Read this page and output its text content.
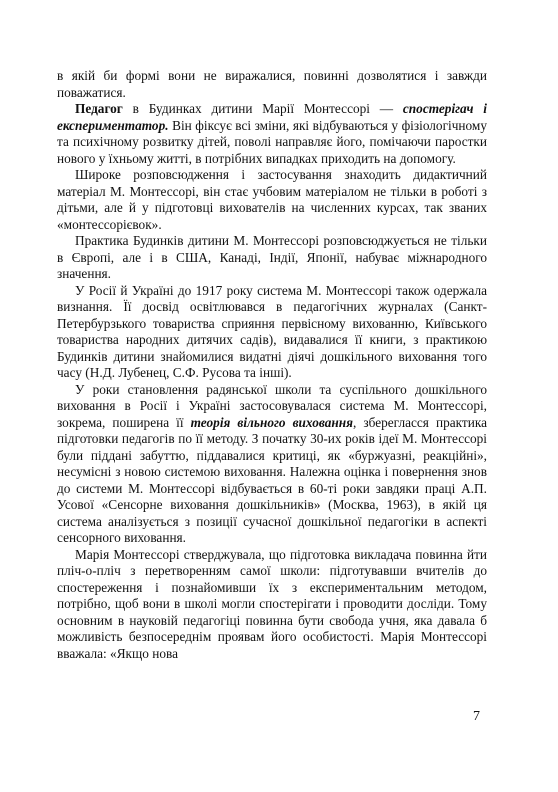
в якій би формі вони не виражалися, повинні дозволятися і завжди поважатися.

Педагог в Будинках дитини Марії Монтессорі — спостерігач і експериментатор. Він фіксує всі зміни, які відбуваються у фізіологічному та психічному розвитку дітей, поволі направляє його, помічаючи паростки нового у їхньому житті, в потрібних випадках приходить на допомогу.

Широке розповсюдження і застосування знаходить дидактичний матеріал М. Монтессорі, він стає учбовим матеріалом не тільки в роботі з дітьми, але й у підготовці вихователів на численних курсах, так званих «монтессорієвок».

Практика Будинків дитини М. Монтессорі розповсюджується не тільки в Європі, але і в США, Канаді, Індії, Японії, набуває міжнародного значення.

У Росії й Україні до 1917 року система М. Монтессорі також одержала визнання. Її досвід освітлювався в педагогічних журналах (Санкт-Петербурзького товариства сприяння первісному вихованню, Київського товариства народних дитячих садів), видавалися її книги, з практикою Будинків дитини знайомилися видатні діячі дошкільного виховання того часу (Н.Д. Лубенец, С.Ф. Русова та інші).

У роки становлення радянської школи та суспільного дошкільного виховання в Росії і Україні застосовувалася система М. Монтессорі, зокрема, поширена її теорія вільного виховання, зберегласся практика підготовки педагогів по її методу. З початку 30-их років ідеї М. Монтессорі були піддані забуттю, піддавалися критиці, як «буржуазні, реакційні», несумісні з новою системою виховання. Належна оцінка і повернення знов до системи М. Монтессорі відбувається в 60-ті роки завдяки праці А.П. Усової «Сенсорне виховання дошкільників» (Москва, 1963), в якій ця система аналізується з позиції сучасної дошкільної педагогіки в аспекті сенсорного виховання.

Марія Монтессорі стверджувала, що підготовка викладача повинна йти пліч-о-пліч з перетворенням самої школи: підготувавши вчителів до спостереження і познайомивши їх з експериментальним методом, потрібно, щоб вони в школі могли спостерігати і проводити досліди. Тому основним в науковій педагогіці повинна бути свобода учня, яка давала б можливість безпосереднім проявам його особистості. Марія Монтессорі вважала: «Якщо нова

7
